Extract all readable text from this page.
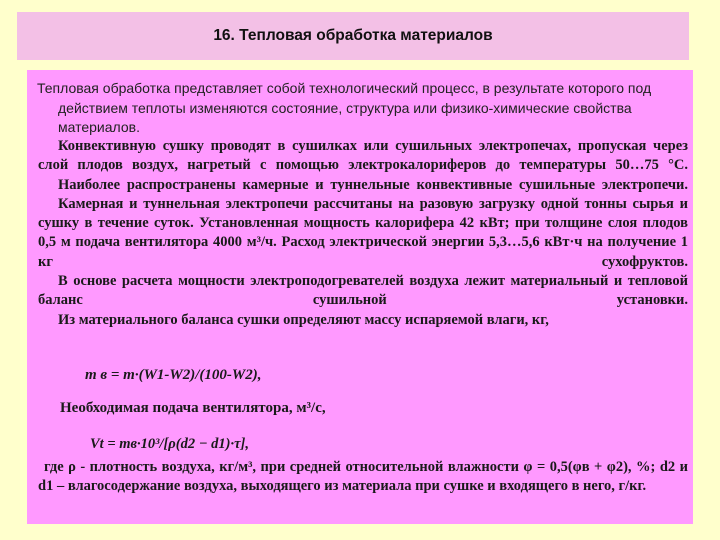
16. Тепловая обработка материалов
Тепловая обработка представляет собой технологический процесс, в результате которого под действием теплоты изменяются состояние, структура или физико-химические свойства материалов.

Конвективную сушку проводят в сушилках или сушильных электропечах, пропуская через слой плодов воздух, нагретый с помощью электрокалориферов до температуры 50…75 °С.

Наиболее распространены камерные и туннельные конвективные сушильные электропечи.

Камерная и туннельная электропечи рассчитаны на разовую загрузку одной тонны сырья и сушку в течение суток. Установленная мощность калорифера 42 кВт; при толщине слоя плодов 0,5 м подача вентилятора 4000 м³/ч. Расход электрической энергии 5,3…5,6 кВт·ч на получение 1 кг сухофруктов.

В основе расчета мощности электроподогревателей воздуха лежит материальный и тепловой баланс сушильной установки.

Из материального баланса сушки определяют массу испаряемой влаги, кг,

m в = m·(W1-W2)/(100-W2),
Необходимая подача вентилятора, м³/с,
Vt = mв·10³/[ρ(d2 − d1)·τ],

где ρ - плотность воздуха, кг/м³, при средней относительной влажности φ = 0,5(φв + φ2), %; d2 и d1 – влагосодержание воздуха, выходящего из материала при сушке и входящего в него, г/кг.
